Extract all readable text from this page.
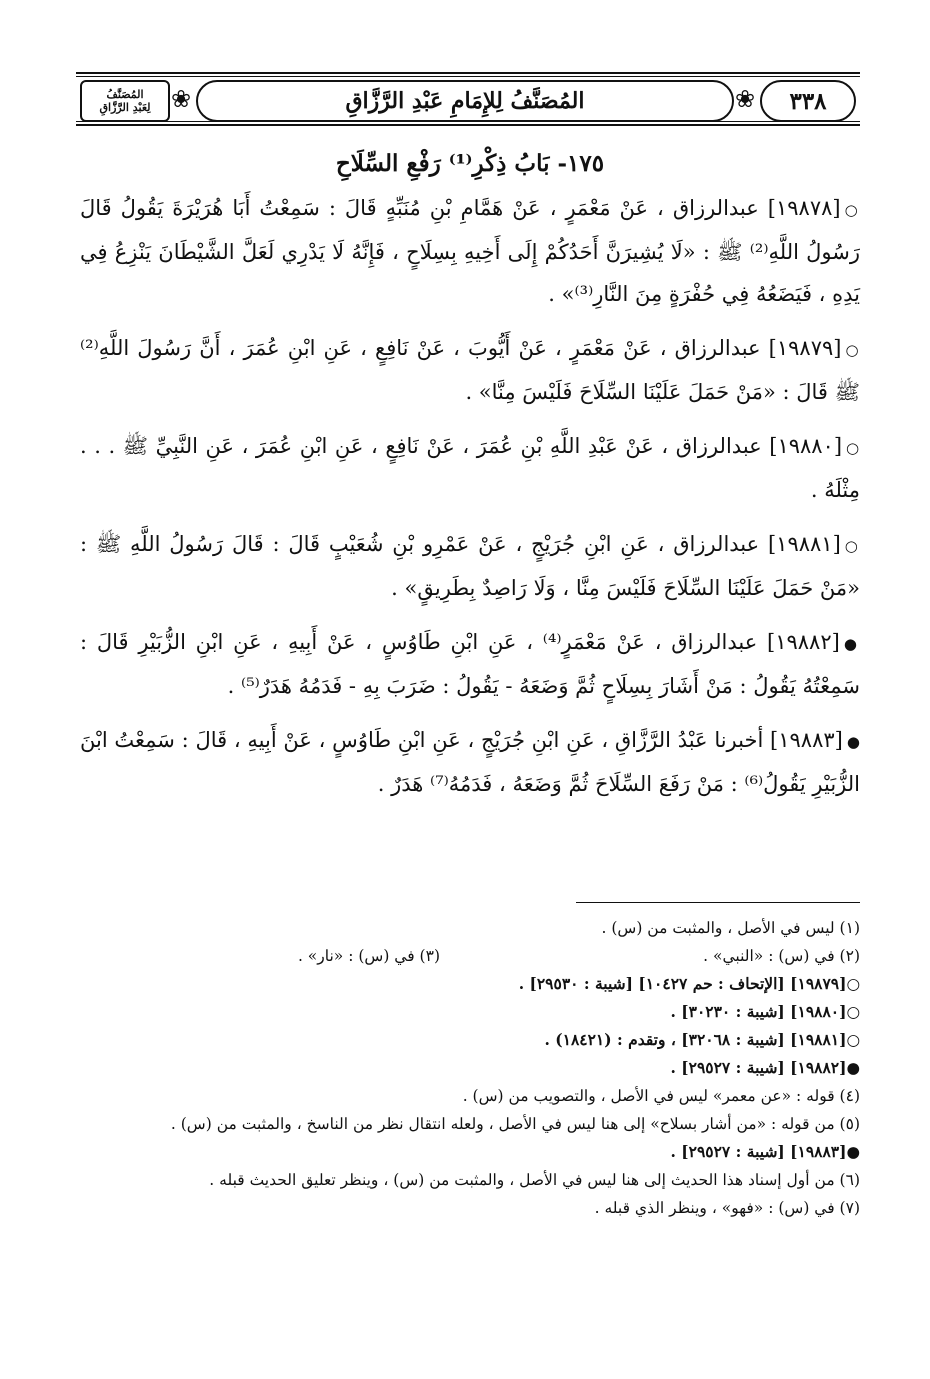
المُصَنَّفُ
لِعَبْدِ الرَّزَّاقِ ❀	المُصَنَّفُ لِلإِمَامِ عَبْدِ الرَّزَّاقِ	❀ ٣٣٨
١٧٥- بَابُ ذِكْرِ⁽¹⁾ رَفْعِ السِّلَاحِ

○[١٩٨٧٨] عبدالرزاق ، عَنْ مَعْمَرٍ ، عَنْ هَمَّامِ بْنِ مُنَبِّهٍ قَالَ : سَمِعْتُ أَبَا هُرَيْرَةَ يَقُولُ قَالَ رَسُولُ اللَّهِ⁽²⁾ ﷺ : «لَا يُشِيرَنَّ أَحَدُكُمْ إِلَى أَخِيهِ بِسِلَاحٍ ، فَإِنَّهُ لَا يَدْرِي لَعَلَّ الشَّيْطَانَ يَنْزِعُ فِي يَدِهِ ، فَيَضَعُهُ فِي حُفْرَةٍ مِنَ النَّارِ⁽³⁾» .

○[١٩٨٧٩] عبدالرزاق ، عَنْ مَعْمَرٍ ، عَنْ أَيُّوبَ ، عَنْ نَافِعٍ ، عَنِ ابْنِ عُمَرَ ، أَنَّ رَسُولَ اللَّهِ⁽²⁾ ﷺ قَالَ : «مَنْ حَمَلَ عَلَيْنَا السِّلَاحَ فَلَيْسَ مِنَّا» .

○[١٩٨٨٠] عبدالرزاق ، عَنْ عَبْدِ اللَّهِ بْنِ عُمَرَ ، عَنْ نَافِعٍ ، عَنِ ابْنِ عُمَرَ ، عَنِ النَّبِيِّ ﷺ . . . مِثْلَهُ .

○[١٩٨٨١] عبدالرزاق ، عَنِ ابْنِ جُرَيْجٍ ، عَنْ عَمْرِو بْنِ شُعَيْبٍ قَالَ : قَالَ رَسُولُ اللَّهِ ﷺ : «مَنْ حَمَلَ عَلَيْنَا السِّلَاحَ فَلَيْسَ مِنَّا ، وَلَا رَاصِدٌ بِطَرِيقٍ» .

●[١٩٨٨٢] عبدالرزاق ، عَنْ مَعْمَرٍ⁽⁴⁾ ، عَنِ ابْنِ طَاوُسٍ ، عَنْ أَبِيهِ ، عَنِ ابْنِ الزُّبَيْرِ قَالَ : سَمِعْتُهُ يَقُولُ : مَنْ أَشَارَ بِسِلَاحٍ ثُمَّ وَضَعَهُ - يَقُولُ : ضَرَبَ بِهِ - فَدَمُهُ هَدَرٌ⁽⁵⁾ .

●[١٩٨٨٣] أخبرنا عَبْدُ الرَّزَّاقِ ، عَنِ ابْنِ جُرَيْجٍ ، عَنِ ابْنِ طَاوُسٍ ، عَنْ أَبِيهِ ، قَالَ : سَمِعْتُ ابْنَ الزُّبَيْرِ يَقُولُ⁽⁶⁾ : مَنْ رَفَعَ السِّلَاحَ ثُمَّ وَضَعَهُ ، فَدَمُهُ⁽⁷⁾ هَدَرٌ .

(١) ليس في الأصل ، والمثبت من (س) .
(٢) في (س) : «النبي» .
(٣) في (س) : «نار» .
○[١٩٨٧٩] [الإتحاف : حم ١٠٤٢٧] [شيبة : ٢٩٥٣٠] .
○[١٩٨٨٠] [شيبة : ٣٠٢٣٠] .
○[١٩٨٨١] [شيبة : ٣٢٠٦٨] ، وتقدم : (١٨٤٢١) .
●[١٩٨٨٢] [شيبة : ٢٩٥٢٧] .
(٤) قوله : «عن معمر» ليس في الأصل ، والتصويب من (س) .
(٥) من قوله : «من أشار بسلاح» إلى هنا ليس في الأصل ، ولعله انتقال نظر من الناسخ ، والمثبت من (س) .
●[١٩٨٨٣] [شيبة : ٢٩٥٢٧] .
(٦) من أول إسناد هذا الحديث إلى هنا ليس في الأصل ، والمثبت من (س) ، وينظر تعليق الحديث قبله .
(٧) في (س) : «فهو» ، وينظر الذي قبله .
